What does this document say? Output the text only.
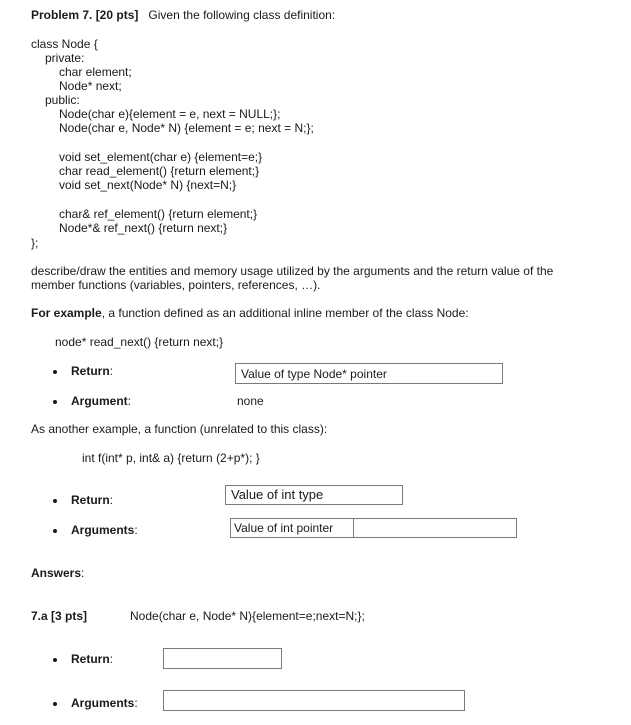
Problem 7. [20 pts] Given the following class definition:
class Node {
private:
char element;
Node* next;
public:
Node(char e){element = e, next = NULL;};
Node(char e, Node* N) {element = e; next = N;};
void set_element(char e) {element=e;}
char read_element() {return element;}
void set_next(Node* N) {next=N;}
char& ref_element() {return element;}
Node*& ref_next() {return next;}
};
describe/draw the entities and memory usage utilized by the arguments and the return value of the member functions (variables, pointers, references, …).
For example, a function defined as an additional inline member of the class Node:
node* read_next() {return next;}
Return:	Value of type Node* pointer
Argument:	none
As another example, a function (unrelated to this class):
int f(int* p, int& a) {return (2+p*); }
Return:	Value of int type
Arguments:	Value of int pointer
Answers:
7.a [3 pts]	Node(char e, Node* N){element=e;next=N;};
Return:
Arguments:
